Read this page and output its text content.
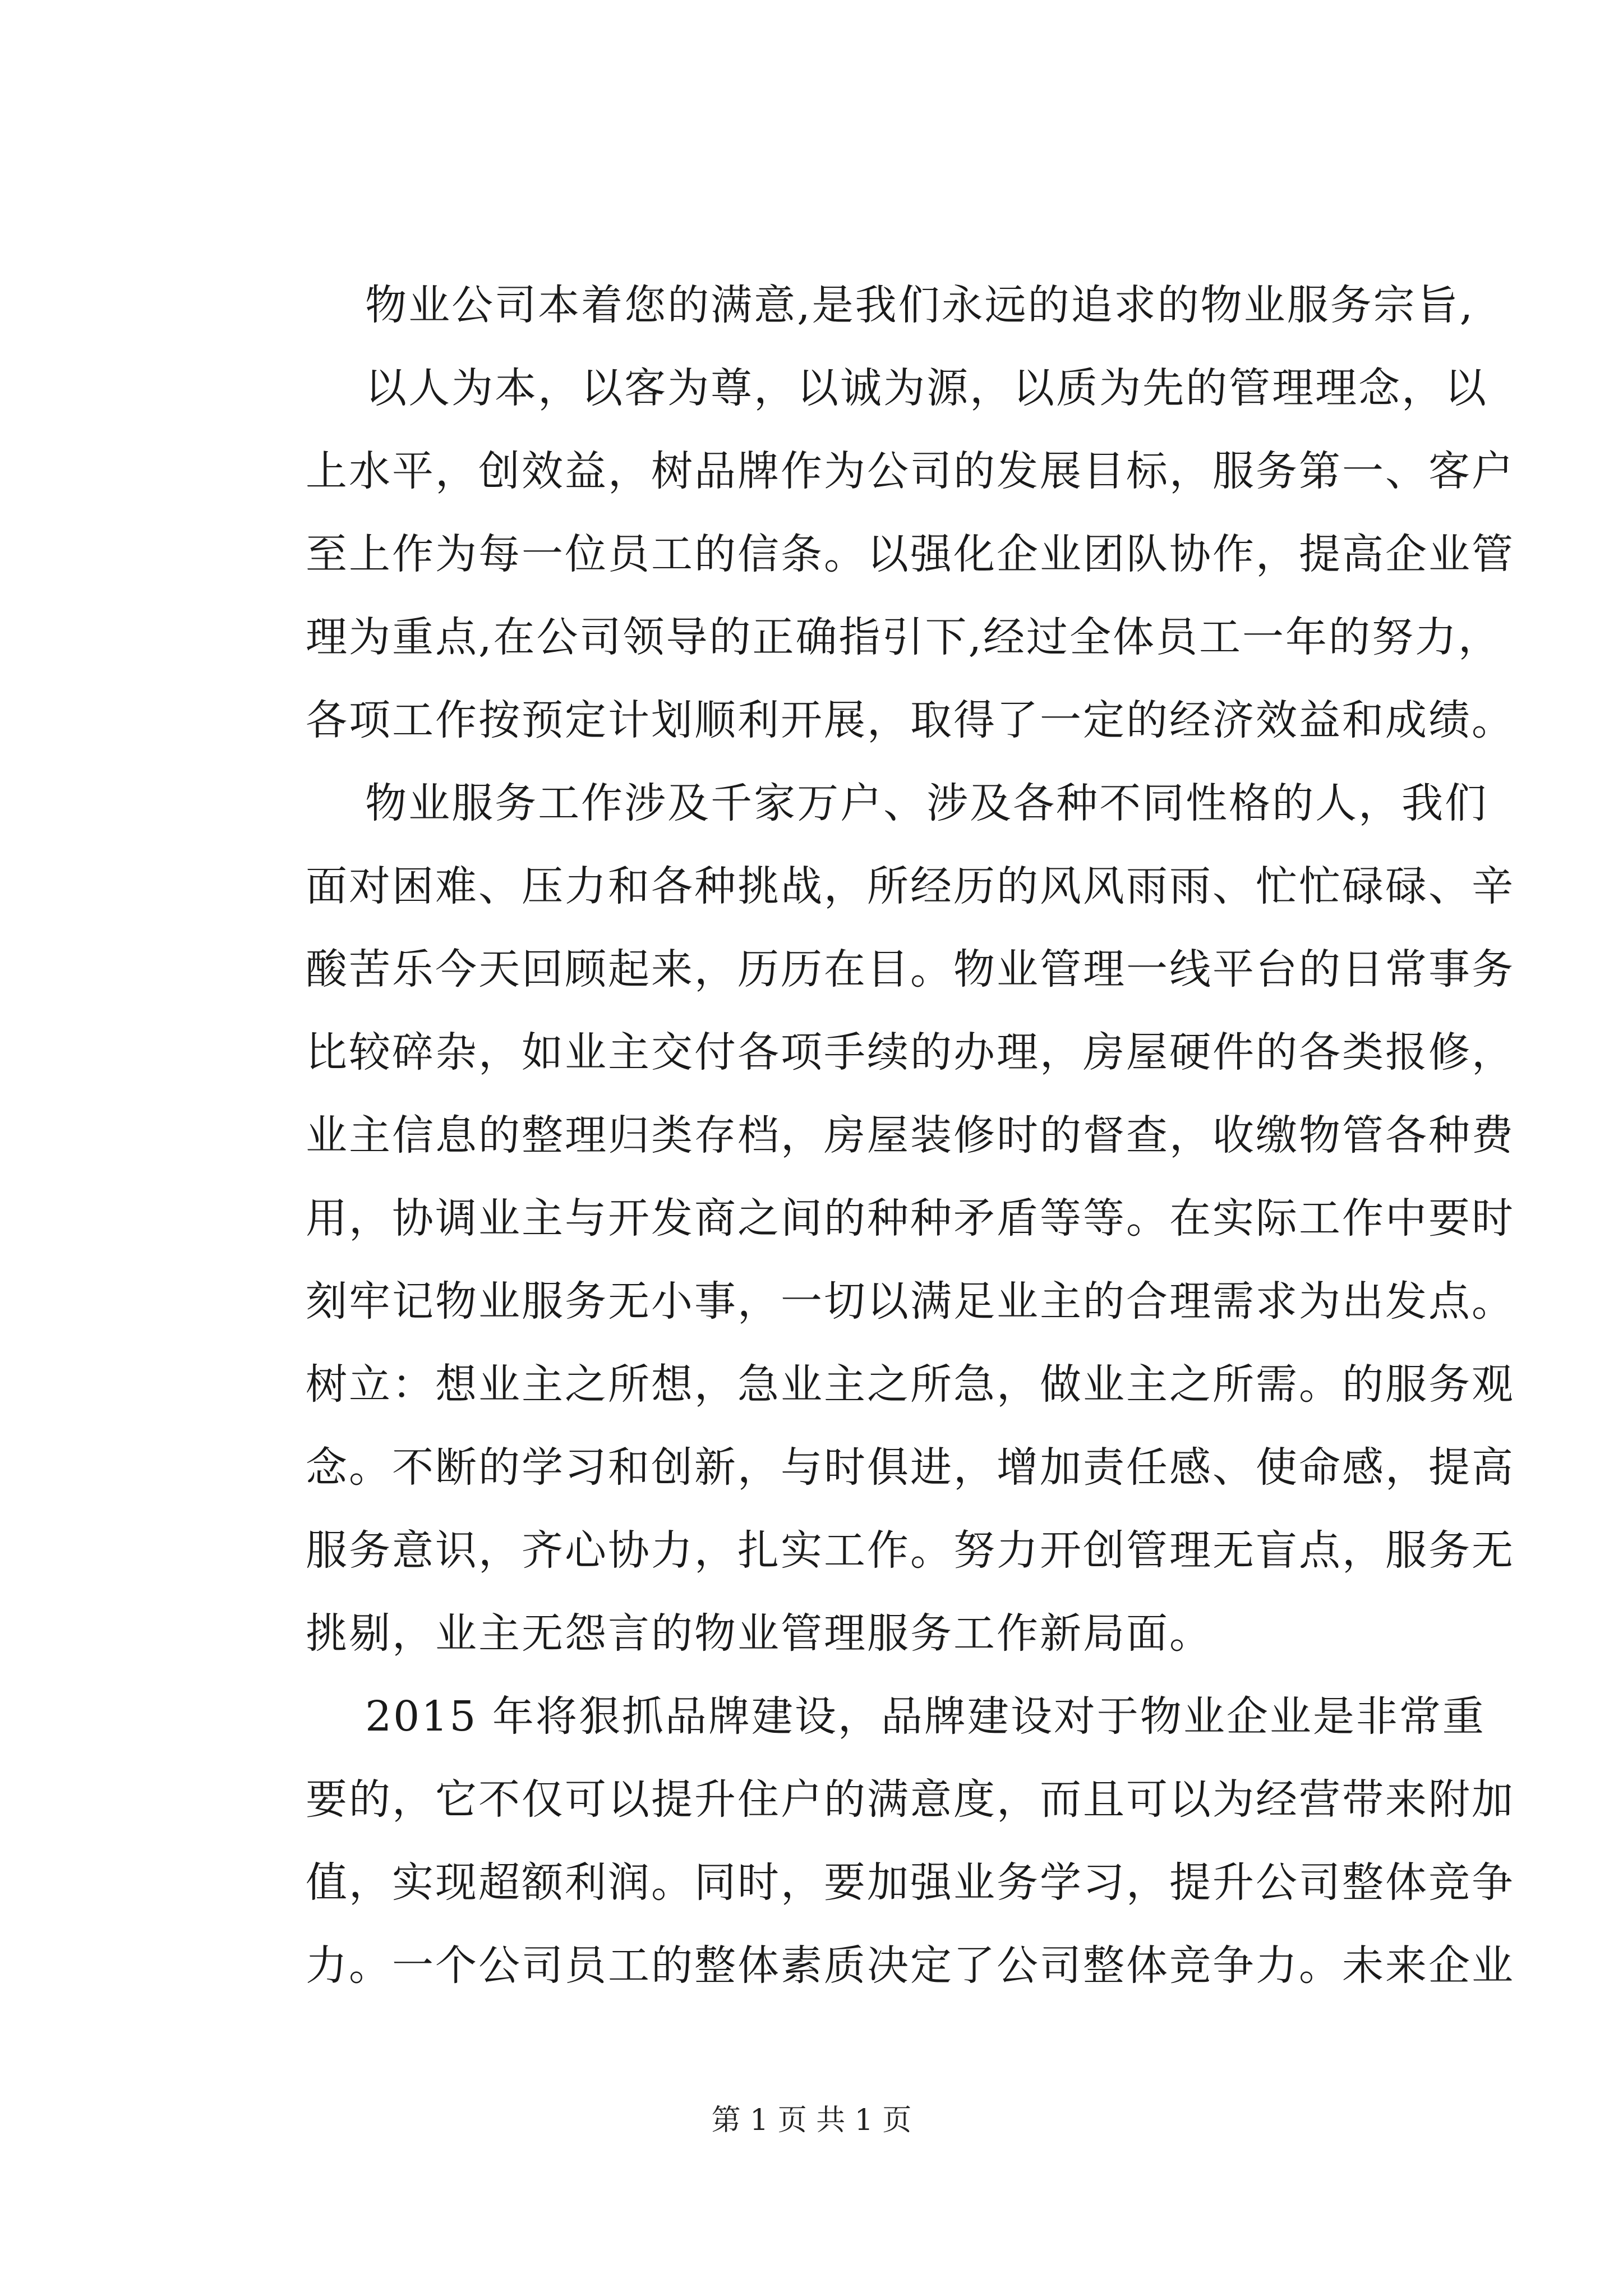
物业公司本着您的满意,是我们永远的追求的物业服务宗旨,
以人为本，以客为尊，以诚为源，以质为先的管理理念，以
上水平，创效益，树品牌作为公司的发展目标，服务第一、客户
至上作为每一位员工的信条。以强化企业团队协作，提高企业管
理为重点,在公司领导的正确指引下,经过全体员工一年的努力，
各项工作按预定计划顺利开展，取得了一定的经济效益和成绩。
物业服务工作涉及千家万户、涉及各种不同性格的人，我们
面对困难、压力和各种挑战，所经历的风风雨雨、忙忙碌碌、辛
酸苦乐今天回顾起来，历历在目。物业管理一线平台的日常事务
比较碎杂，如业主交付各项手续的办理，房屋硬件的各类报修，
业主信息的整理归类存档，房屋装修时的督查，收缴物管各种费
用，协调业主与开发商之间的种种矛盾等等。在实际工作中要时
刻牢记物业服务无小事，一切以满足业主的合理需求为出发点。
树立：想业主之所想，急业主之所急，做业主之所需。的服务观
念。不断的学习和创新，与时俱进，增加责任感、使命感，提高
服务意识，齐心协力，扎实工作。努力开创管理无盲点，服务无
挑剔，业主无怨言的物业管理服务工作新局面。
2015 年将狠抓品牌建设，品牌建设对于物业企业是非常重
要的，它不仅可以提升住户的满意度，而且可以为经营带来附加
值，实现超额利润。同时，要加强业务学习，提升公司整体竞争
力。一个公司员工的整体素质决定了公司整体竞争力。未来企业
第 1 页 共 1 页
